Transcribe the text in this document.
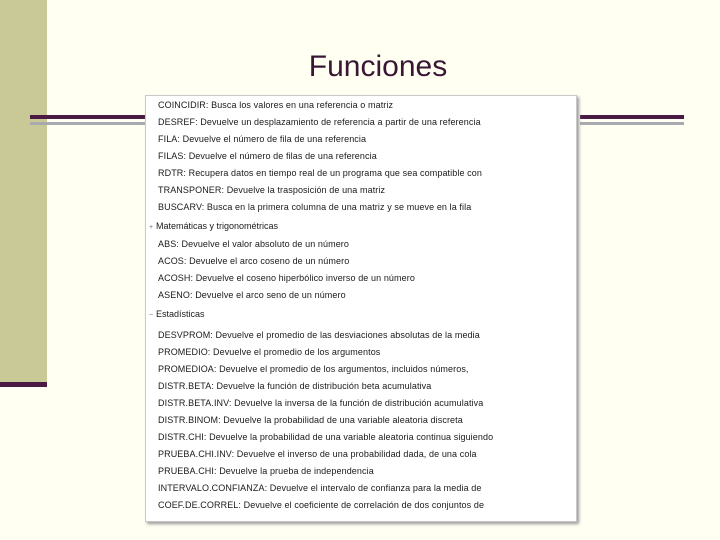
Funciones
COINCIDIR: Busca los valores en una referencia o matriz
DESREF: Devuelve un desplazamiento de referencia a partir de una referencia
FILA: Devuelve el número de fila de una referencia
FILAS: Devuelve el número de filas de una referencia
RDTR: Recupera datos en tiempo real de un programa que sea compatible con
TRANSPONER: Devuelve la trasposición de una matriz
BUSCARV: Busca en la primera columna de una matriz y se mueve en la fila
+ Matemáticas y trigonométricas
ABS: Devuelve el valor absoluto de un número
ACOS: Devuelve el arco coseno de un número
ACOSH: Devuelve el coseno hiperbólico inverso de un número
ASENO: Devuelve el arco seno de un número
− Estadísticas
DESVPROM: Devuelve el promedio de las desviaciones absolutas de la media
PROMEDIO: Devuelve el promedio de los argumentos
PROMEDIOA: Devuelve el promedio de los argumentos, incluidos números,
DISTR.BETA: Devuelve la función de distribución beta acumulativa
DISTR.BETA.INV: Devuelve la inversa de la función de distribución acumulativa
DISTR.BINOM: Devuelve la probabilidad de una variable aleatoria discreta
DISTR.CHI: Devuelve la probabilidad de una variable aleatoria continua siguiendo
PRUEBA.CHI.INV: Devuelve el inverso de una probabilidad dada, de una cola
PRUEBA.CHI: Devuelve la prueba de independencia
INTERVALO.CONFIANZA: Devuelve el intervalo de confianza para la media de
COEF.DE.CORREL: Devuelve el coeficiente de correlación de dos conjuntos de
